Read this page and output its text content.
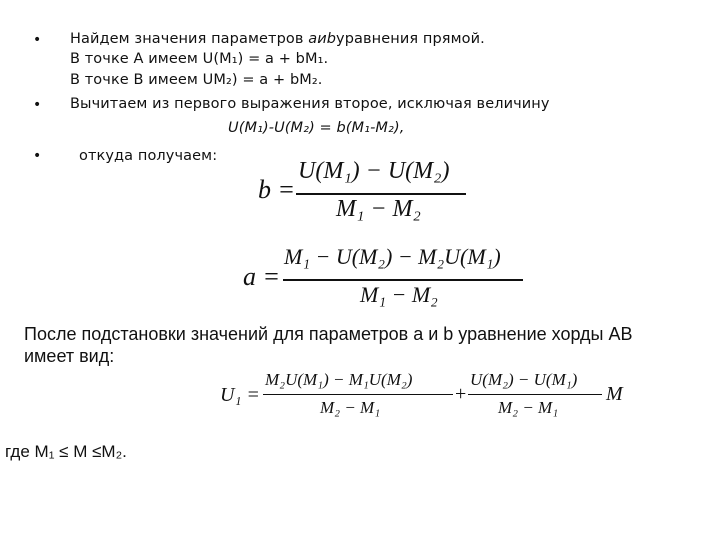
•
•
•
Найдем значения параметров aиbуравнения прямой.
В точке A имеем U(M₁) = a + bM₁.
В точке B имеем UM₂) = a + bM₂.
Вычитаем из первого выражения второе, исключая величину
U(M₁)-U(M₂) = b(M₁-M₂),
откуда получаем:
b =
U(M₁) − U(M₂)
M₁ − M₂
a =
M₁ − U(M₂) − M₂U(M₁)
M₁ − M₂
После подстановки значений для параметров a и b уравнение хорды AB
имеет вид:
U₁ =
M₂U(M₁) − M₁U(M₂)
M₂ − M₁
+
U(M₂) − U(M₁)
M₂ − M₁
M
где M₁ ≤ M ≤M₂.
